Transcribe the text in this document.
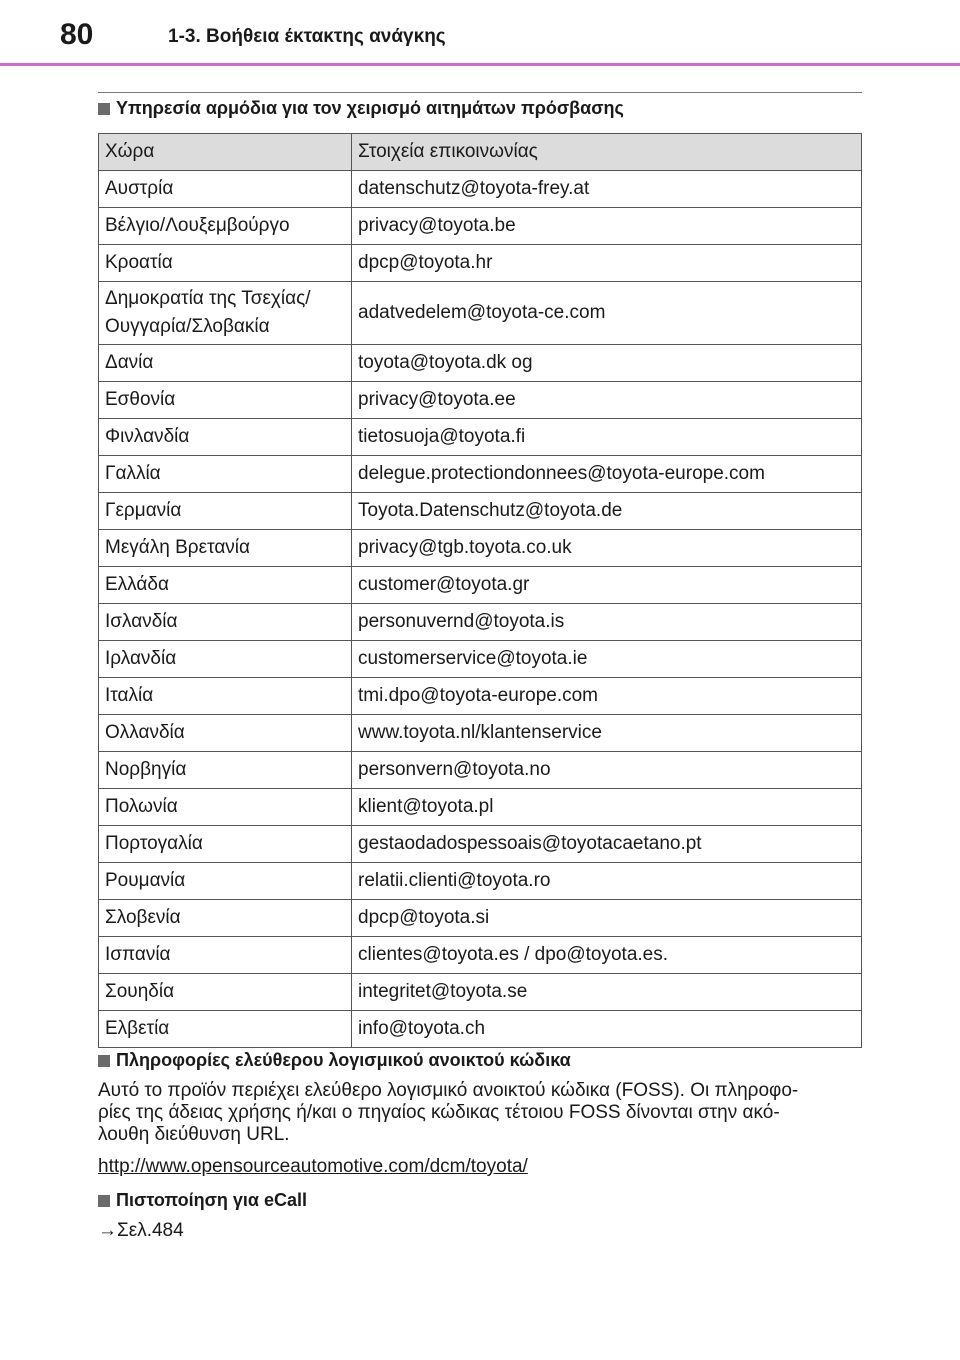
80	1-3. Βοήθεια έκτακτης ανάγκης
Υπηρεσία αρμόδια για τον χειρισμό αιτημάτων πρόσβασης
Χώρα	Στοιχεία επικοινωνίας
Αυστρία	datenschutz@toyota-frey.at
Βέλγιο/Λουξεμβούργο	privacy@toyota.be
Κροατία	dpcp@toyota.hr
Δημοκρατία της Τσεχίας/
Ουγγαρία/Σλοβακία	adatvedelem@toyota-ce.com
Δανία	toyota@toyota.dk og
Εσθονία	privacy@toyota.ee
Φινλανδία	tietosuoja@toyota.fi
Γαλλία	delegue.protectiondonnees@toyota-europe.com
Γερμανία	Toyota.Datenschutz@toyota.de
Μεγάλη Βρετανία	privacy@tgb.toyota.co.uk
Ελλάδα	customer@toyota.gr
Ισλανδία	personuvernd@toyota.is
Ιρλανδία	customerservice@toyota.ie
Ιταλία	tmi.dpo@toyota-europe.com
Ολλανδία	www.toyota.nl/klantenservice
Νορβηγία	personvern@toyota.no
Πολωνία	klient@toyota.pl
Πορτογαλία	gestaodadospessoais@toyotacaetano.pt
Ρουμανία	relatii.clienti@toyota.ro
Σλοβενία	dpcp@toyota.si
Ισπανία	clientes@toyota.es / dpo@toyota.es.
Σουηδία	integritet@toyota.se
Ελβετία	info@toyota.ch
Πληροφορίες ελεύθερου λογισμικού ανοικτού κώδικα
Αυτό το προϊόν περιέχει ελεύθερο λογισμικό ανοικτού κώδικα (FOSS). Οι πληροφο-
ρίες της άδειας χρήσης ή/και ο πηγαίος κώδικας τέτοιου FOSS δίνονται στην ακό-
λουθη διεύθυνση URL.
http://www.opensourceautomotive.com/dcm/toyota/
Πιστοποίηση για eCall
→Σελ.484
